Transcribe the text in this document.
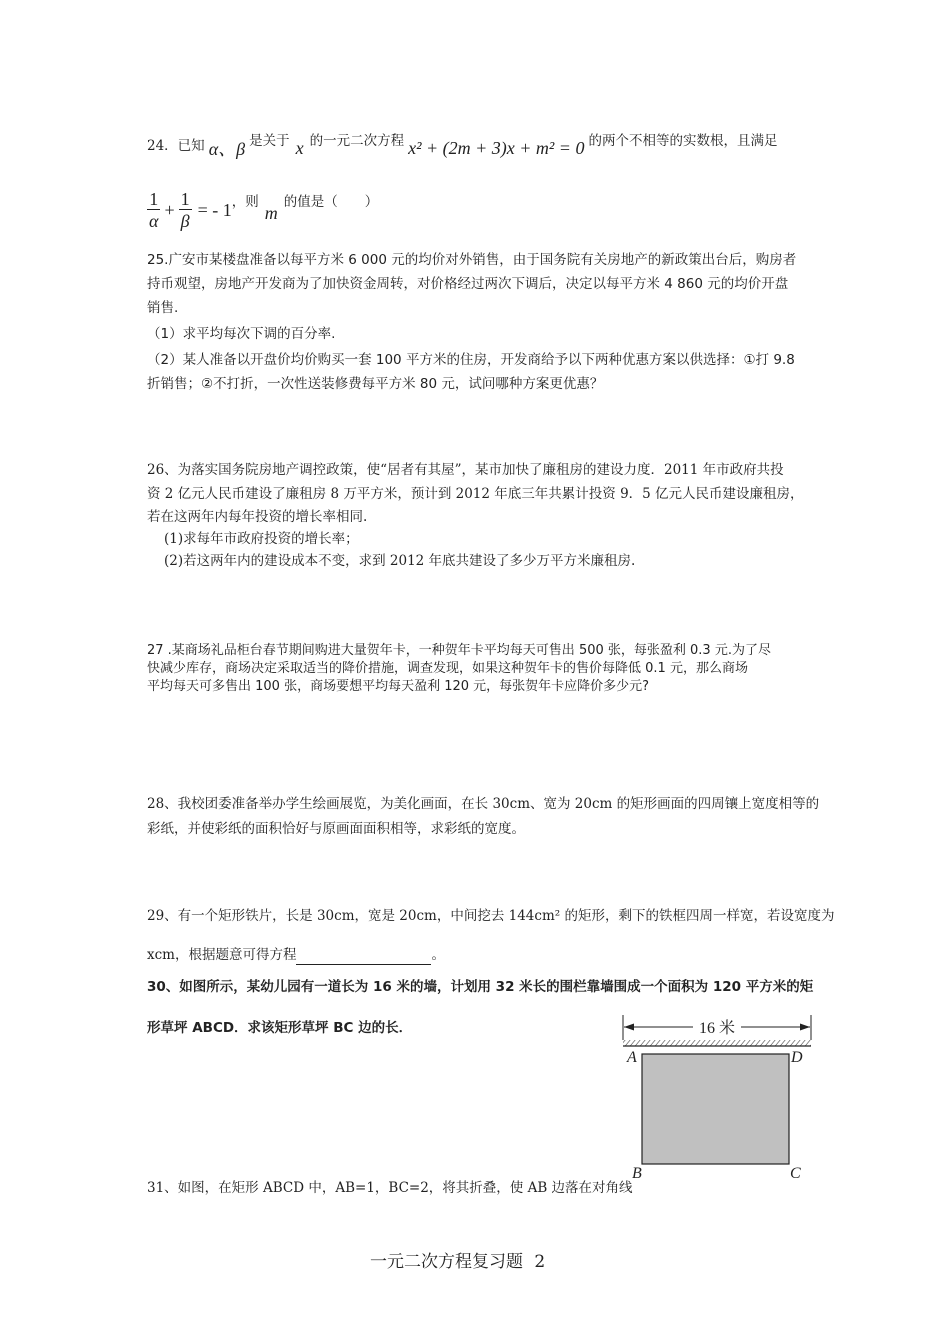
24．已知 α、β 是关于 x 的一元二次方程 x² + (2m + 3)x + m² = 0 的两个不相等的实数根，且满足
$\frac{1}{\alpha} + \frac{1}{\beta}$ = - 1 ，则
m
的值是（　　）
25.广安市某楼盘准备以每平方米 6 000 元的均价对外销售，由于国务院有关房地产的新政策出台后，购房者
持币观望，房地产开发商为了加快资金周转，对价格经过两次下调后，决定以每平方米 4 860 元的均价开盘
销售.
（1）求平均每次下调的百分率.
（2）某人准备以开盘价均价购买一套 100 平方米的住房，开发商给予以下两种优惠方案以供选择：①打 9.8
折销售；②不打折，一次性送装修费每平方米 80 元，试问哪种方案更优惠？
26、为落实国务院房地产调控政策，使“居者有其屋”，某市加快了廉租房的建设力度．2011 年市政府共投
资 2 亿元人民币建设了廉租房 8 万平方米，预计到 2012 年底三年共累计投资 9．5 亿元人民币建设廉租房，
若在这两年内每年投资的增长率相同.
(1)求每年市政府投资的增长率；
(2)若这两年内的建设成本不变，求到 2012 年底共建设了多少万平方米廉租房.
27 .某商场礼品柜台春节期间购进大量贺年卡，一种贺年卡平均每天可售出 500 张，每张盈利 0.3 元.为了尽
快减少库存，商场决定采取适当的降价措施，调查发现，如果这种贺年卡的售价每降低 0.1 元，那么商场
平均每天可多售出 100 张，商场要想平均每天盈利 120 元，每张贺年卡应降价多少元?
28、我校团委准备举办学生绘画展览，为美化画面，在长 30cm、宽为 20cm 的矩形画面的四周镶上宽度相等的
彩纸，并使彩纸的面积恰好与原画面面积相等，求彩纸的宽度。
29、有一个矩形铁片，长是 30cm，宽是 20cm，中间挖去 144cm² 的矩形，剩下的铁框四周一样宽，若设宽度为
xcm，根据题意可得方程	。
30、如图所示，某幼儿园有一道长为 16 米的墙，计划用 32 米长的围栏靠墙围成一个面积为 120 平方米的矩
形草坪 ABCD．求该矩形草坪 BC 边的长．	16 米
A	D
B	C
31、如图，在矩形 ABCD 中，AB=1，BC=2，将其折叠，使 AB 边落在对角线
一元二次方程复习题 2
